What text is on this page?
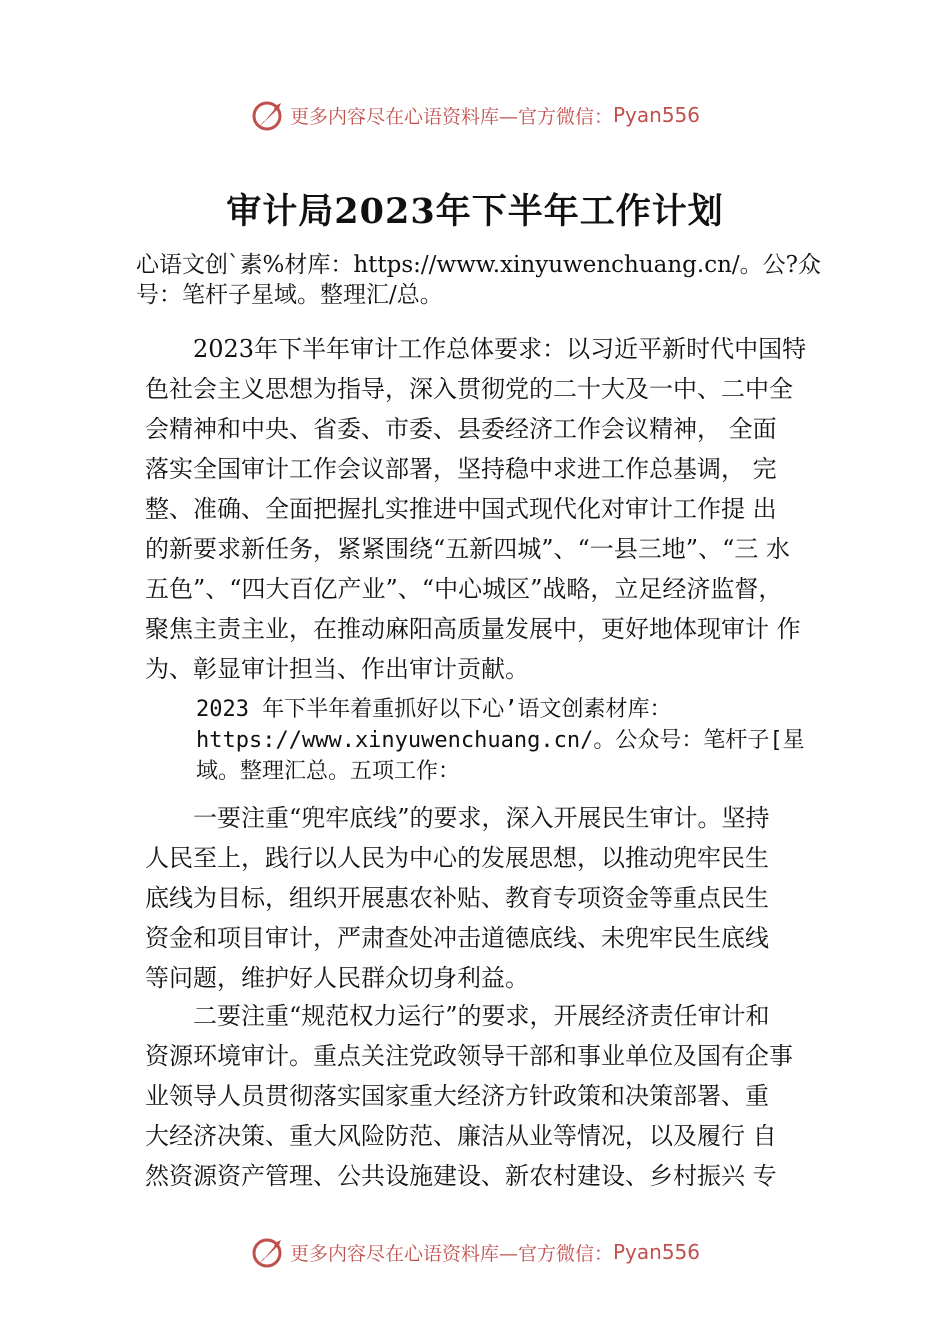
更多内容尽在心语资料库—官方微信： Pyan556
审计局2023年下半年工作计划
心语文创`素%材库：https://www.xinyuwenchuang.cn/。公?众
号：笔杆子星域。整理汇/总。
　　2023年下半年审计工作总体要求：以习近平新时代中国特
色社会主义思想为指导，深入贯彻党的二十大及一中、二中全
会精神和中央、省委、市委、县委经济工作会议精神， 全面
落实全国审计工作会议部署，坚持稳中求进工作总基调， 完
整、准确、全面把握扎实推进中国式现代化对审计工作提 出
的新要求新任务，紧紧围绕“五新四城”、“一县三地”、“三 水
五色”、“四大百亿产业”、“中心城区”战略，立足经济监督，
聚焦主责主业，在推动麻阳高质量发展中，更好地体现审计 作
为、彰显审计担当、作出审计贡献。
2023 年下半年着重抓好以下心’语文创素材库：
https://www.xinyuwenchuang.cn/。公众号：笔杆子[星
域。整理汇总。五项工作：
　　一要注重“兜牢底线”的要求，深入开展民生审计。坚持
人民至上，践行以人民为中心的发展思想，以推动兜牢民生
底线为目标，组织开展惠农补贴、教育专项资金等重点民生
资金和项目审计，严肃查处冲击道德底线、未兜牢民生底线
等问题，维护好人民群众切身利益。
　　二要注重“规范权力运行”的要求，开展经济责任审计和
资源环境审计。重点关注党政领导干部和事业单位及国有企事
业领导人员贯彻落实国家重大经济方针政策和决策部署、重
大经济决策、重大风险防范、廉洁从业等情况，以及履行 自
然资源资产管理、公共设施建设、新农村建设、乡村振兴 专
更多内容尽在心语资料库—官方微信： Pyan556
